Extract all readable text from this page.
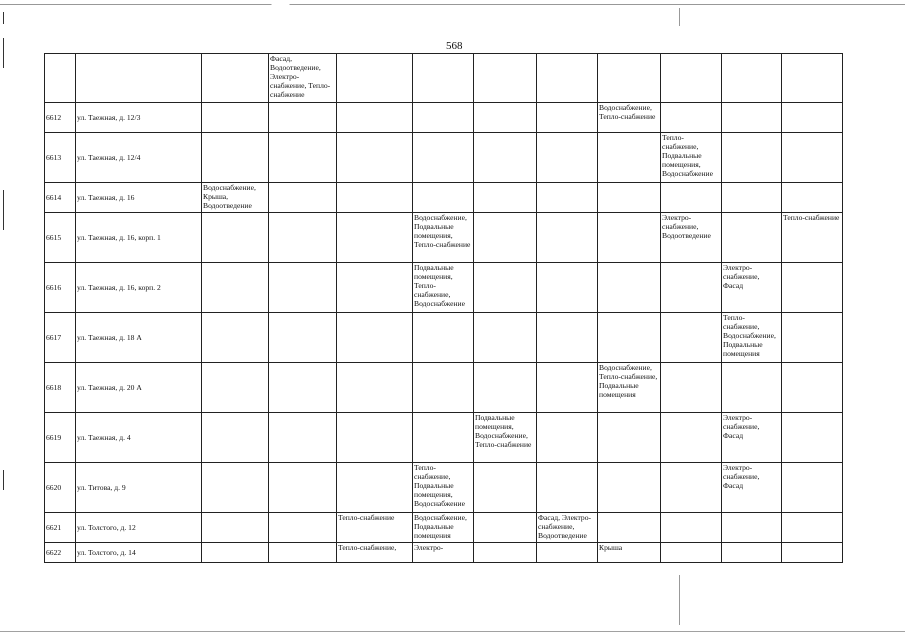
568
			Фасад, Водоотведение, Электро-снабжение, Тепло-снабжение								
6612	ул. Таежная, д. 12/3							Водоснабжение, Тепло-снабжение			
6613	ул. Таежная, д. 12/4								Тепло-снабжение, Подвальные помещения, Водоснабжение		
6614	ул. Таежная, д. 16	Водоснабжение, Крыша, Водоотведение									
6615	ул. Таежная, д. 16, корп. 1				Водоснабжение, Подвальные помещения, Тепло-снабжение				Электро-снабжение, Водоотведение		Тепло-снабжение
6616	ул. Таежная, д. 16, корп. 2				Подвальные помещения, Тепло-снабжение, Водоснабжение					Электро-снабжение, Фасад	
6617	ул. Таежная, д. 18 А									Тепло-снабжение, Водоснабжение, Подвальные помещения	
6618	ул. Таежная, д. 20 А							Водоснабжение, Тепло-снабжение, Подвальные помещения			
6619	ул. Таежная, д. 4					Подвальные помещения, Водоснабжение, Тепло-снабжение				Электро-снабжение, Фасад	
6620	ул. Титова, д. 9				Тепло-снабжение, Подвальные помещения, Водоснабжение					Электро-снабжение, Фасад	
6621	ул. Толстого, д. 12			Тепло-снабжение	Водоснабжение, Подвальные помещения		Фасад, Электро-снабжение, Водоотведение				
6622	ул. Толстого, д. 14			Тепло-снабжение,	Электро-			Крыша			
